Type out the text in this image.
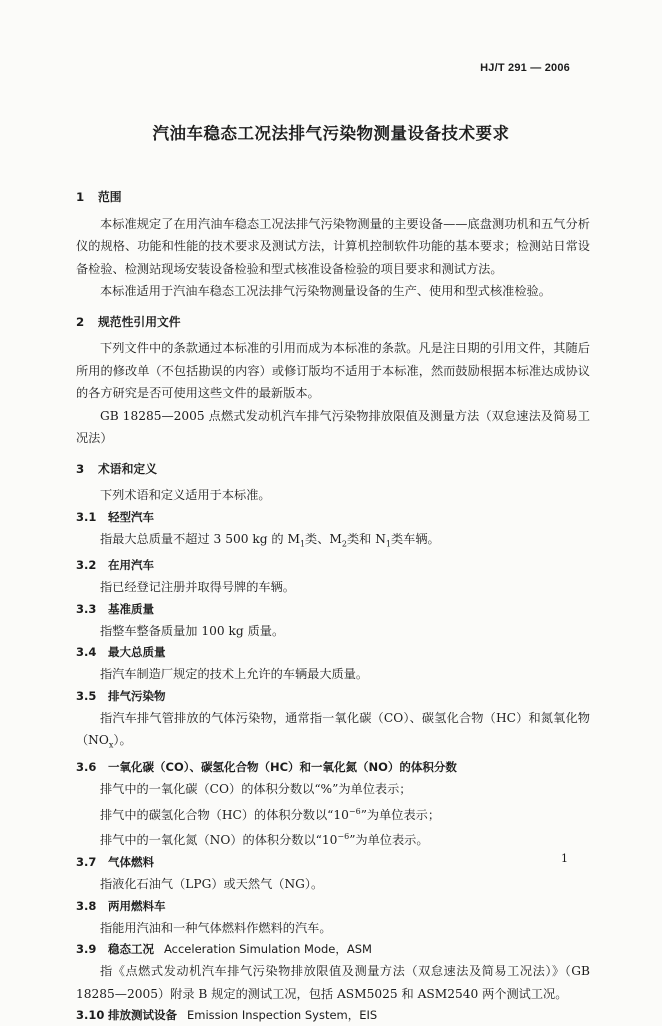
HJ/T 291 — 2006
汽油车稳态工况法排气污染物测量设备技术要求
1 范围

本标准规定了在用汽油车稳态工况法排气污染物测量的主要设备——底盘测功机和五气分析仪的规格、功能和性能的技术要求及测试方法，计算机控制软件功能的基本要求；检测站日常设备检验、检测站现场安装设备检验和型式核准设备检验的项目要求和测试方法。

本标准适用于汽油车稳态工况法排气污染物测量设备的生产、使用和型式核准检验。

2 规范性引用文件

下列文件中的条款通过本标准的引用而成为本标准的条款。凡是注日期的引用文件，其随后所用的修改单（不包括勘误的内容）或修订版均不适用于本标准，然而鼓励根据本标准达成协议的各方研究是否可使用这些文件的最新版本。

GB 18285—2005 点燃式发动机汽车排气污染物排放限值及测量方法（双怠速法及简易工况法）

3 术语和定义

下列术语和定义适用于本标准。

3.1 轻型汽车

指最大总质量不超过 3 500 kg 的 $M_1$类、$M_2$类和 $N_1$类车辆。

3.2 在用汽车

指已经登记注册并取得号牌的车辆。

3.3 基准质量

指整车整备质量加 100 kg 质量。

3.4 最大总质量

指汽车制造厂规定的技术上允许的车辆最大质量。

3.5 排气污染物

指汽车排气管排放的气体污染物，通常指一氧化碳（CO）、碳氢化合物（HC）和氮氧化物$(NO_x)$。

3.6 一氧化碳（CO）、碳氢化合物（HC）和一氧化氮（NO）的体积分数

排气中的一氧化碳（CO）的体积分数以“%”为单位表示；

排气中的碳氢化合物（HC）的体积分数以“$10^{-6}$”为单位表示；

排气中的一氧化氮（NO）的体积分数以“$10^{-6}$”为单位表示。

3.7 气体燃料

指液化石油气（LPG）或天然气（NG）。

3.8 两用燃料车

指能用汽油和一种气体燃料作燃料的汽车。

3.9 稳态工况 Acceleration Simulation Mode，ASM

指《点燃式发动机汽车排气污染物排放限值及测量方法（双怠速法及简易工况法）》（GB 18285—2005）附录 B 规定的测试工况，包括 ASM5025 和 ASM2540 两个测试工况。

3.10 排放测试设备 Emission Inspection System，EIS
1
